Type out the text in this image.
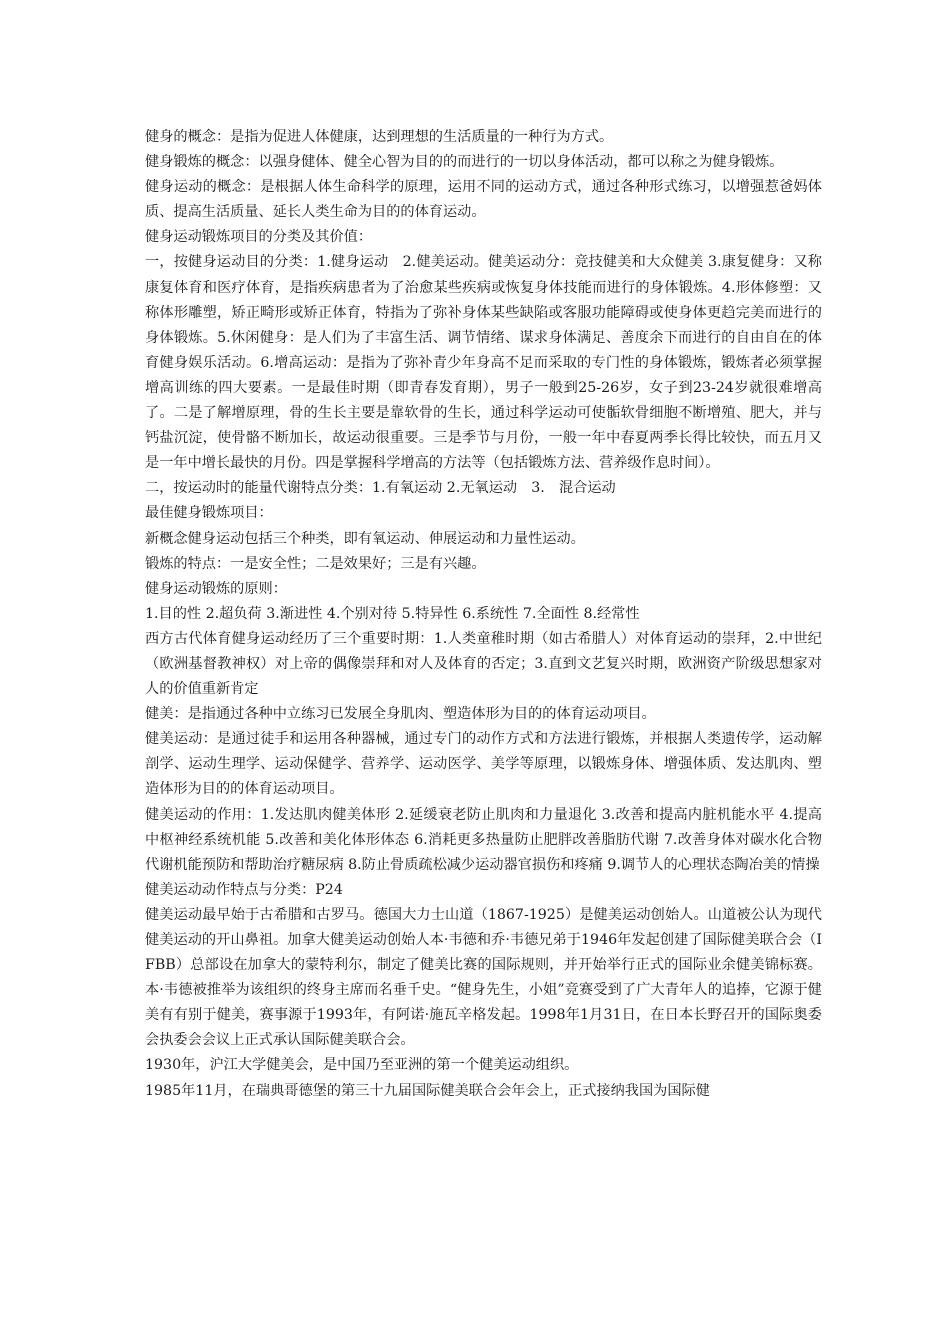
健身的概念：是指为促进人体健康，达到理想的生活质量的一种行为方式。

健身锻炼的概念：以强身健体、健全心智为目的的而进行的一切以身体活动，都可以称之为健身锻炼。

健身运动的概念：是根据人体生命科学的原理，运用不同的运动方式，通过各种形式练习，以增强惹爸妈体质、提高生活质量、延长人类生命为目的的体育运动。

健身运动锻炼项目的分类及其价值：

一，按健身运动目的分类：1.健身运动　2.健美运动。健美运动分：竞技健美和大众健美 3.康复健身：又称康复体育和医疗体育，是指疾病患者为了治愈某些疾病或恢复身体技能而进行的身体锻炼。4.形体修塑：又称体形雕塑，矫正畸形或矫正体育，特指为了弥补身体某些缺陷或客服功能障碍或使身体更趋完美而进行的身体锻炼。5.休闲健身：是人们为了丰富生活、调节情绪、谋求身体满足、善度余下而进行的自由自在的体育健身娱乐活动。6.增高运动：是指为了弥补青少年身高不足而采取的专门性的身体锻炼，锻炼者必须掌握增高训练的四大要素。一是最佳时期（即青春发育期），男子一般到25-26岁，女子到23-24岁就很难增高了。二是了解增原理，骨的生长主要是靠软骨的生长，通过科学运动可使骺软骨细胞不断增殖、肥大，并与钙盐沉淀，使骨骼不断加长，故运动很重要。三是季节与月份，一般一年中春夏两季长得比较快，而五月又是一年中增长最快的月份。四是掌握科学增高的方法等（包括锻炼方法、营养级作息时间）。

二，按运动时的能量代谢特点分类：1.有氧运动 2.无氧运动　3.　混合运动

最佳健身锻炼项目：

新概念健身运动包括三个种类，即有氧运动、伸展运动和力量性运动。

锻炼的特点：一是安全性；二是效果好；三是有兴趣。

健身运动锻炼的原则：

1.目的性 2.超负荷 3.渐进性 4.个别对待 5.特异性 6.系统性 7.全面性 8.经常性

西方古代体育健身运动经历了三个重要时期：1.人类童稚时期（如古希腊人）对体育运动的崇拜，2.中世纪（欧洲基督教神权）对上帝的偶像崇拜和对人及体育的否定；3.直到文艺复兴时期，欧洲资产阶级思想家对人的价值重新肯定

健美：是指通过各种中立练习已发展全身肌肉、塑造体形为目的的体育运动项目。

健美运动：是通过徒手和运用各种器械，通过专门的动作方式和方法进行锻炼，并根据人类遗传学，运动解剖学、运动生理学、运动保健学、营养学、运动医学、美学等原理，以锻炼身体、增强体质、发达肌肉、塑造体形为目的的体育运动项目。

健美运动的作用：1.发达肌肉健美体形 2.延缓衰老防止肌肉和力量退化 3.改善和提高内脏机能水平 4.提高中枢神经系统机能 5.改善和美化体形体态 6.消耗更多热量防止肥胖改善脂肪代谢 7.改善身体对碳水化合物代谢机能预防和帮助治疗糖尿病 8.防止骨质疏松减少运动器官损伤和疼痛 9.调节人的心理状态陶冶美的情操

健美运动动作特点与分类：P24

健美运动最早始于古希腊和古罗马。德国大力士山道（1867-1925）是健美运动创始人。山道被公认为现代健美运动的开山鼻祖。加拿大健美运动创始人本·韦德和乔·韦德兄弟于1946年发起创建了国际健美联合会（IFBB）总部设在加拿大的蒙特利尔，制定了健美比赛的国际规则，并开始举行正式的国际业余健美锦标赛。本·韦德被推举为该组织的终身主席而名垂千史。“健身先生，小姐”竞赛受到了广大青年人的追捧，它源于健美有有别于健美，赛事源于1993年，有阿诺·施瓦辛格发起。1998年1月31日，在日本长野召开的国际奥委会执委会会议上正式承认国际健美联合会。

1930年，沪江大学健美会，是中国乃至亚洲的第一个健美运动组织。

1985年11月，在瑞典哥德堡的第三十九届国际健美联合会年会上，正式接纳我国为国际健
